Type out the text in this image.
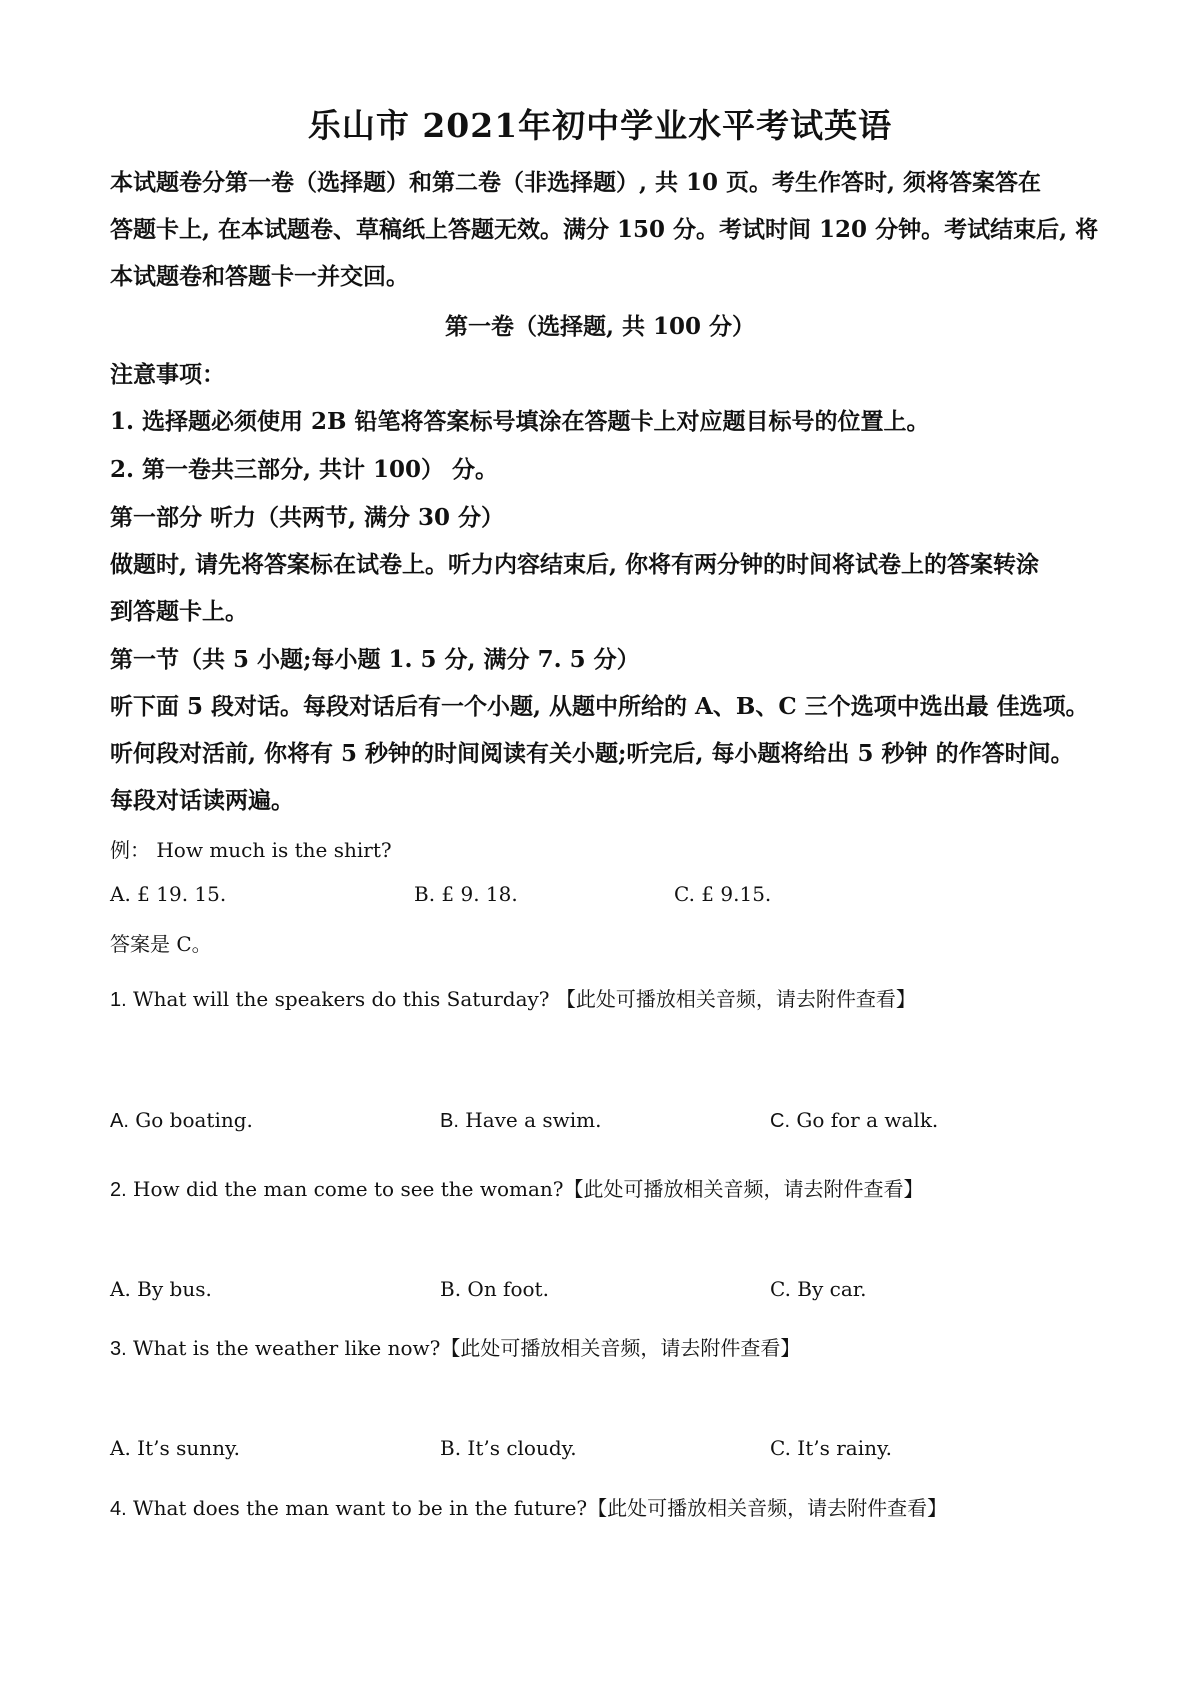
乐山市 2021年初中学业水平考试英语
本试题卷分第一卷（选择题）和第二卷（非选择题）, 共 10 页。考生作答时, 须将答案答在
答题卡上, 在本试题卷、草稿纸上答题无效。满分 150 分。考试时间 120 分钟。考试结束后, 将
本试题卷和答题卡一并交回。
第一卷（选择题, 共 100 分）
注意事项：
1. 选择题必须使用 2B 铅笔将答案标号填涂在答题卡上对应题目标号的位置上。
2. 第一卷共三部分, 共计 100） 分。
第一部分 听力（共两节, 满分 30 分）
做题时, 请先将答案标在试卷上。听力内容结束后, 你将有两分钟的时间将试卷上的答案转涂
到答题卡上。
第一节（共 5 小题;每小题 1. 5 分, 满分 7. 5 分）
听下面 5 段对话。每段对话后有一个小题, 从题中所给的 A、B、C 三个选项中选出最 佳选项。
听何段对活前, 你将有 5 秒钟的时间阅读有关小题;听完后, 每小题将给出 5 秒钟 的作答时间。
每段对话读两遍。
例： How much is the shirt?
A. £ 19. 15.	B. £ 9. 18.	C. £ 9.15.
答案是 C。
1. What will the speakers do this Saturday? 【此处可播放相关音频，请去附件查看】
A. Go boating.	B. Have a swim.	C. Go for a walk.
2. How did the man come to see the woman?【此处可播放相关音频，请去附件查看】
A. By bus.	B. On foot.	C. By car.
3. What is the weather like now?【此处可播放相关音频，请去附件查看】
A. It’s sunny.	B. It’s cloudy.	C. It’s rainy.
4. What does the man want to be in the future?【此处可播放相关音频，请去附件查看】
